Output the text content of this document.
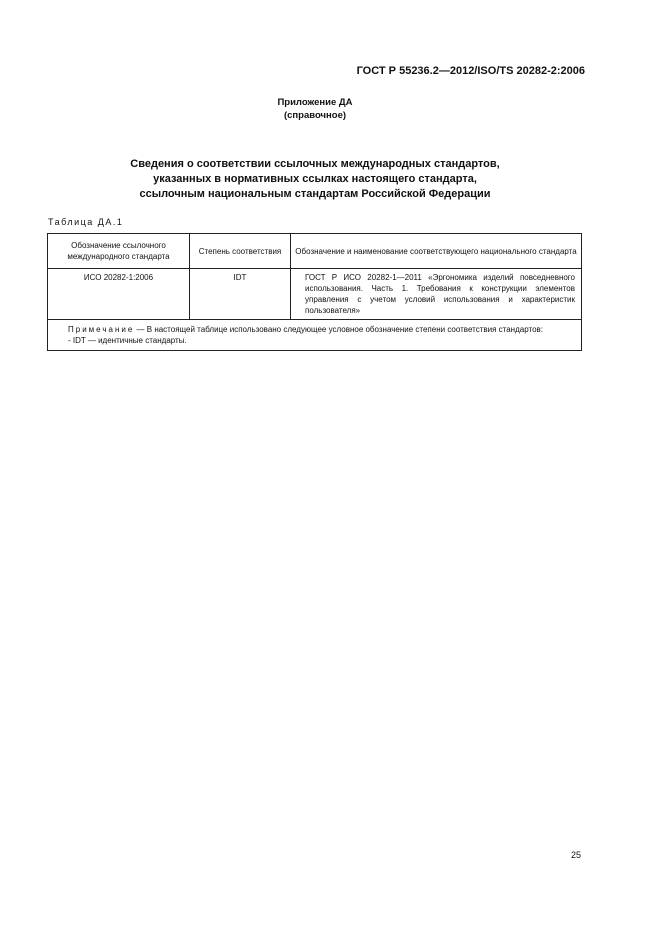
ГОСТ Р 55236.2—2012/ISO/TS 20282-2:2006
Приложение ДА
(справочное)
Сведения о соответствии ссылочных международных стандартов,
указанных в нормативных ссылках настоящего стандарта,
ссылочным национальным стандартам Российской Федерации
Таблица ДА.1
Обозначение ссылочного международного стандарта	Степень соответствия	Обозначение и наименование соответствующего национального стандарта
ИСО 20282-1:2006	IDT	ГОСТ Р ИСО 20282-1—2011 «Эргономика изделий повседневного использования. Часть 1. Требования к конструкции элементов управления с учетом условий использования и характеристик пользователя»
Примечание — В настоящей таблице использовано следующее условное обозначение степени соответствия стандартов:
- IDT — идентичные стандарты.		
25
